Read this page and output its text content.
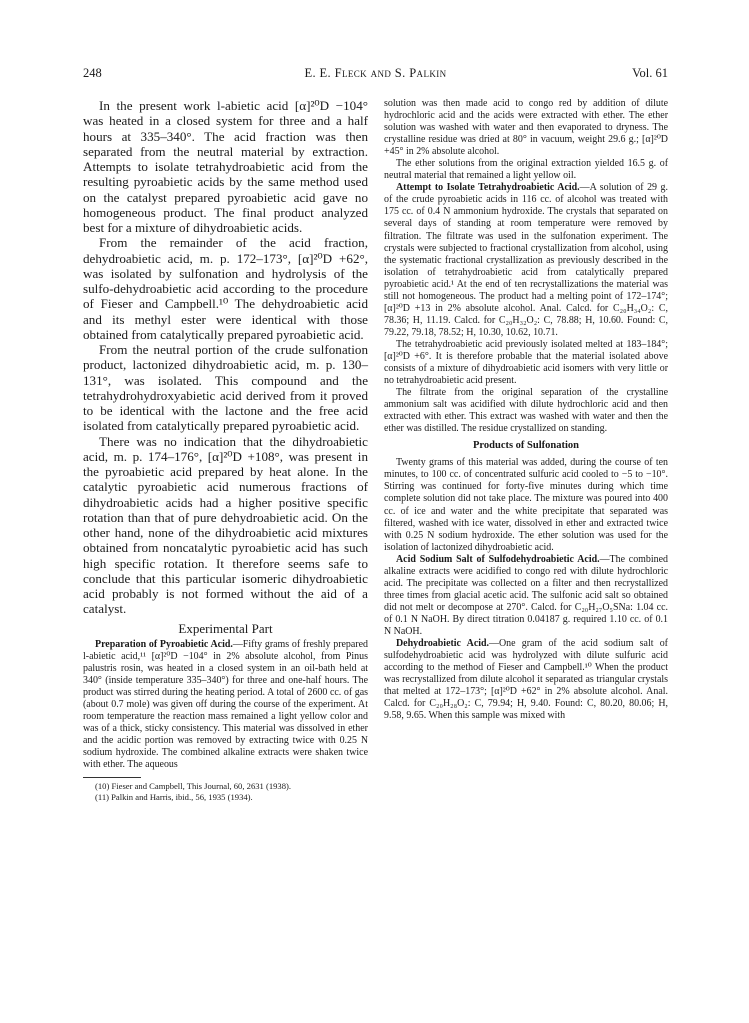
248	E. E. Fleck and S. Palkin	Vol. 61

In the present work l-abietic acid [α]²⁰D −104° was heated in a closed system for three and a half hours at 335–340°. The acid fraction was then separated from the neutral material by extraction. Attempts to isolate tetrahydroabietic acid from the resulting pyroabietic acids by the same method used on the catalyst prepared pyroabietic acid gave no homogeneous product. The final product analyzed best for a mixture of dihydroabietic acids.

From the remainder of the acid fraction, dehydroabietic acid, m. p. 172–173°, [α]²⁰D +62°, was isolated by sulfonation and hydrolysis of the sulfo-dehydroabietic acid according to the procedure of Fieser and Campbell.¹⁰ The dehydroabietic acid and its methyl ester were identical with those obtained from catalytically prepared pyroabietic acid.

From the neutral portion of the crude sulfonation product, lactonized dihydroabietic acid, m. p. 130–131°, was isolated. This compound and the tetrahydrohydroxyabietic acid derived from it proved to be identical with the lactone and the free acid isolated from catalytically prepared pyroabietic acid.

There was no indication that the dihydroabietic acid, m. p. 174–176°, [α]²⁰D +108°, was present in the pyroabietic acid prepared by heat alone. In the catalytic pyroabietic acid numerous fractions of dihydroabietic acids had a higher positive specific rotation than that of pure dehydroabietic acid. On the other hand, none of the dihydroabietic acid mixtures obtained from noncatalytic pyroabietic acid has such high specific rotation. It therefore seems safe to conclude that this particular isomeric dihydroabietic acid probably is not formed without the aid of a catalyst.

Experimental Part

Preparation of Pyroabietic Acid.—Fifty grams of freshly prepared l-abietic acid,¹¹ [α]²⁰D −104° in 2% absolute alcohol, from Pinus palustris rosin, was heated in a closed system in an oil-bath held at 340° (inside temperature 335–340°) for three and one-half hours. The product was stirred during the heating period. A total of 2600 cc. of gas (about 0.7 mole) was given off during the course of the experiment. At room temperature the reaction mass remained a light yellow color and was of a thick, sticky consistency. This material was dissolved in ether and the acidic portion was removed by extracting twice with 0.25 N sodium hydroxide. The combined alkaline extracts were shaken twice with ether. The aqueous

(10) Fieser and Campbell, This Journal, 60, 2631 (1938).

(11) Palkin and Harris, ibid., 56, 1935 (1934).

solution was then made acid to congo red by addition of dilute hydrochloric acid and the acids were extracted with ether. The ether solution was washed with water and then evaporated to dryness. The crystalline residue was dried at 80° in vacuum, weight 29.6 g.; [α]²⁰D +45° in 2% absolute alcohol.

The ether solutions from the original extraction yielded 16.5 g. of neutral material that remained a light yellow oil.

Attempt to Isolate Tetrahydroabietic Acid.—A solution of 29 g. of the crude pyroabietic acids in 116 cc. of alcohol was treated with 175 cc. of 0.4 N ammonium hydroxide. The crystals that separated on several days of standing at room temperature were removed by filtration. The filtrate was used in the sulfonation experiment. The crystals were subjected to fractional crystallization from alcohol, using the systematic fractional crystallization as previously described in the isolation of tetrahydroabietic acid from catalytically prepared pyroabietic acid.¹ At the end of ten recrystallizations the material was still not homogeneous. The product had a melting point of 172–174°; [α]²⁰D +13 in 2% absolute alcohol. Anal. Calcd. for C₂₀H₃₄O₂: C, 78.36; H, 11.19. Calcd. for C₂₀H₃₂O₂: C, 78.88; H, 10.60. Found: C, 79.22, 79.18, 78.52; H, 10.30, 10.62, 10.71.

The tetrahydroabietic acid previously isolated melted at 183–184°; [α]²⁰D +6°. It is therefore probable that the material isolated above consists of a mixture of dihydroabietic acid isomers with very little or no tetrahydroabietic acid present.

The filtrate from the original separation of the crystalline ammonium salt was acidified with dilute hydrochloric acid and then extracted with ether. This extract was washed with water and then the ether was distilled. The residue crystallized on standing.

Products of Sulfonation

Twenty grams of this material was added, during the course of ten minutes, to 100 cc. of concentrated sulfuric acid cooled to −5 to −10°. Stirring was continued for forty-five minutes during which time complete solution did not take place. The mixture was poured into 400 cc. of ice and water and the white precipitate that separated was filtered, washed with ice water, dissolved in ether and extracted twice with 0.25 N sodium hydroxide. The ether solution was used for the isolation of lactonized dihydroabietic acid.

Acid Sodium Salt of Sulfodehydroabietic Acid.—The combined alkaline extracts were acidified to congo red with dilute hydrochloric acid. The precipitate was collected on a filter and then recrystallized three times from glacial acetic acid. The sulfonic acid salt so obtained did not melt or decompose at 270°. Calcd. for C₂₀H₂₇O₅SNa: 1.04 cc. of 0.1 N NaOH. By direct titration 0.04187 g. required 1.10 cc. of 0.1 N NaOH.

Dehydroabietic Acid.—One gram of the acid sodium salt of sulfodehydroabietic acid was hydrolyzed with dilute sulfuric acid according to the method of Fieser and Campbell.¹⁰ When the product was recrystallized from dilute alcohol it separated as triangular crystals that melted at 172–173°; [α]²⁰D +62° in 2% absolute alcohol. Anal. Calcd. for C₂₀H₂₈O₂: C, 79.94; H, 9.40. Found: C, 80.20, 80.06; H, 9.58, 9.65. When this sample was mixed with
